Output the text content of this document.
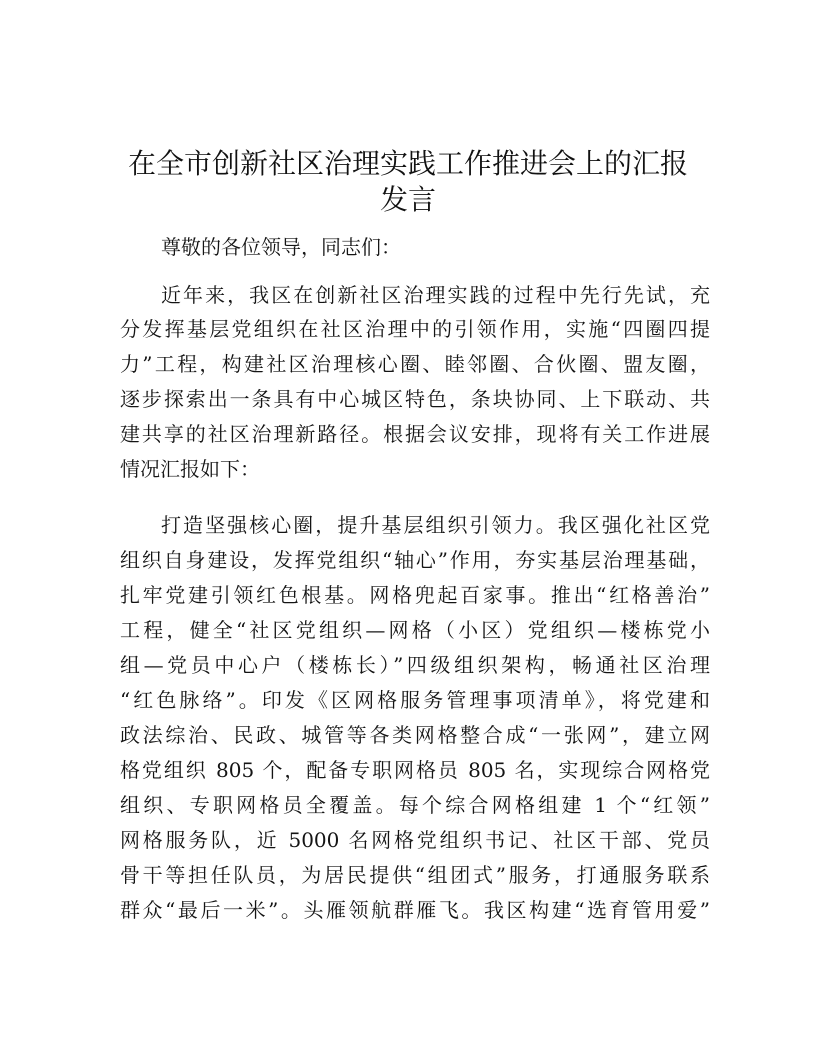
在全市创新社区治理实践工作推进会上的汇报
发言
尊敬的各位领导，同志们：
近年来，我区在创新社区治理实践的过程中先行先试，充
分发挥基层党组织在社区治理中的引领作用，实施“四圈四提
力”工程，构建社区治理核心圈、睦邻圈、合伙圈、盟友圈，
逐步探索出一条具有中心城区特色，条块协同、上下联动、共
建共享的社区治理新路径。根据会议安排，现将有关工作进展
情况汇报如下：
打造坚强核心圈，提升基层组织引领力。我区强化社区党
组织自身建设，发挥党组织“轴心”作用，夯实基层治理基础，
扎牢党建引领红色根基。网格兜起百家事。推出“红格善治”
工程，健全“社区党组织—网格（小区）党组织—楼栋党小
组—党员中心户（楼栋长）”四级组织架构，畅通社区治理
“红色脉络”。印发《区网格服务管理事项清单》，将党建和
政法综治、民政、城管等各类网格整合成“一张网”，建立网
格党组织 805 个，配备专职网格员 805 名，实现综合网格党
组织、专职网格员全覆盖。每个综合网格组建 1 个“红领”
网格服务队，近 5000 名网格党组织书记、社区干部、党员
骨干等担任队员，为居民提供“组团式”服务，打通服务联系
群众“最后一米”。头雁领航群雁飞。我区构建“选育管用爱”
